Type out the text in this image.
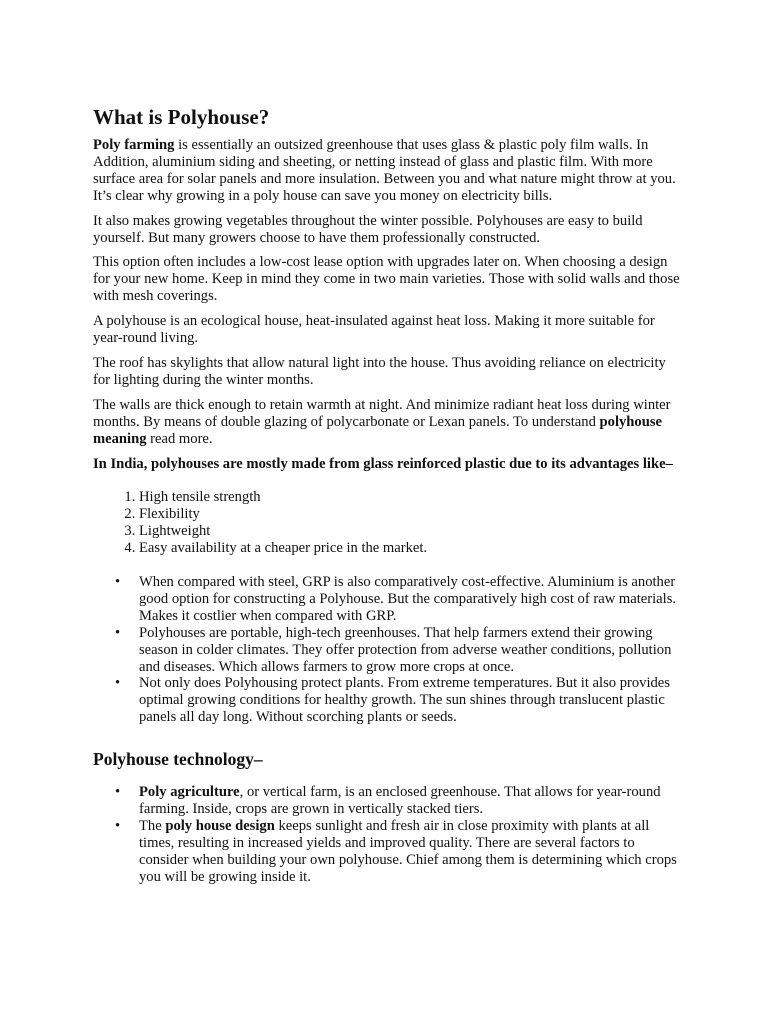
What is Polyhouse?

Poly farming is essentially an outsized greenhouse that uses glass & plastic poly film walls. In Addition, aluminium siding and sheeting, or netting instead of glass and plastic film. With more surface area for solar panels and more insulation. Between you and what nature might throw at you. It’s clear why growing in a poly house can save you money on electricity bills.

It also makes growing vegetables throughout the winter possible. Polyhouses are easy to build yourself. But many growers choose to have them professionally constructed.

This option often includes a low-cost lease option with upgrades later on. When choosing a design for your new home. Keep in mind they come in two main varieties. Those with solid walls and those with mesh coverings.

A polyhouse is an ecological house, heat-insulated against heat loss. Making it more suitable for year-round living.

The roof has skylights that allow natural light into the house. Thus avoiding reliance on electricity for lighting during the winter months.

The walls are thick enough to retain warmth at night. And minimize radiant heat loss during winter months. By means of double glazing of polycarbonate or Lexan panels. To understand polyhouse meaning read more.

In India, polyhouses are mostly made from glass reinforced plastic due to its advantages like–

1. High tensile strength
2. Flexibility
3. Lightweight
4. Easy availability at a cheaper price in the market.
• When compared with steel, GRP is also comparatively cost-effective. Aluminium is another good option for constructing a Polyhouse. But the comparatively high cost of raw materials. Makes it costlier when compared with GRP.
• Polyhouses are portable, high-tech greenhouses. That help farmers extend their growing season in colder climates. They offer protection from adverse weather conditions, pollution and diseases. Which allows farmers to grow more crops at once.
• Not only does Polyhousing protect plants. From extreme temperatures. But it also provides optimal growing conditions for healthy growth. The sun shines through translucent plastic panels all day long. Without scorching plants or seeds.
Polyhouse technology–
• Poly agriculture, or vertical farm, is an enclosed greenhouse. That allows for year-round farming. Inside, crops are grown in vertically stacked tiers.
• The poly house design keeps sunlight and fresh air in close proximity with plants at all times, resulting in increased yields and improved quality. There are several factors to consider when building your own polyhouse. Chief among them is determining which crops you will be growing inside it.
